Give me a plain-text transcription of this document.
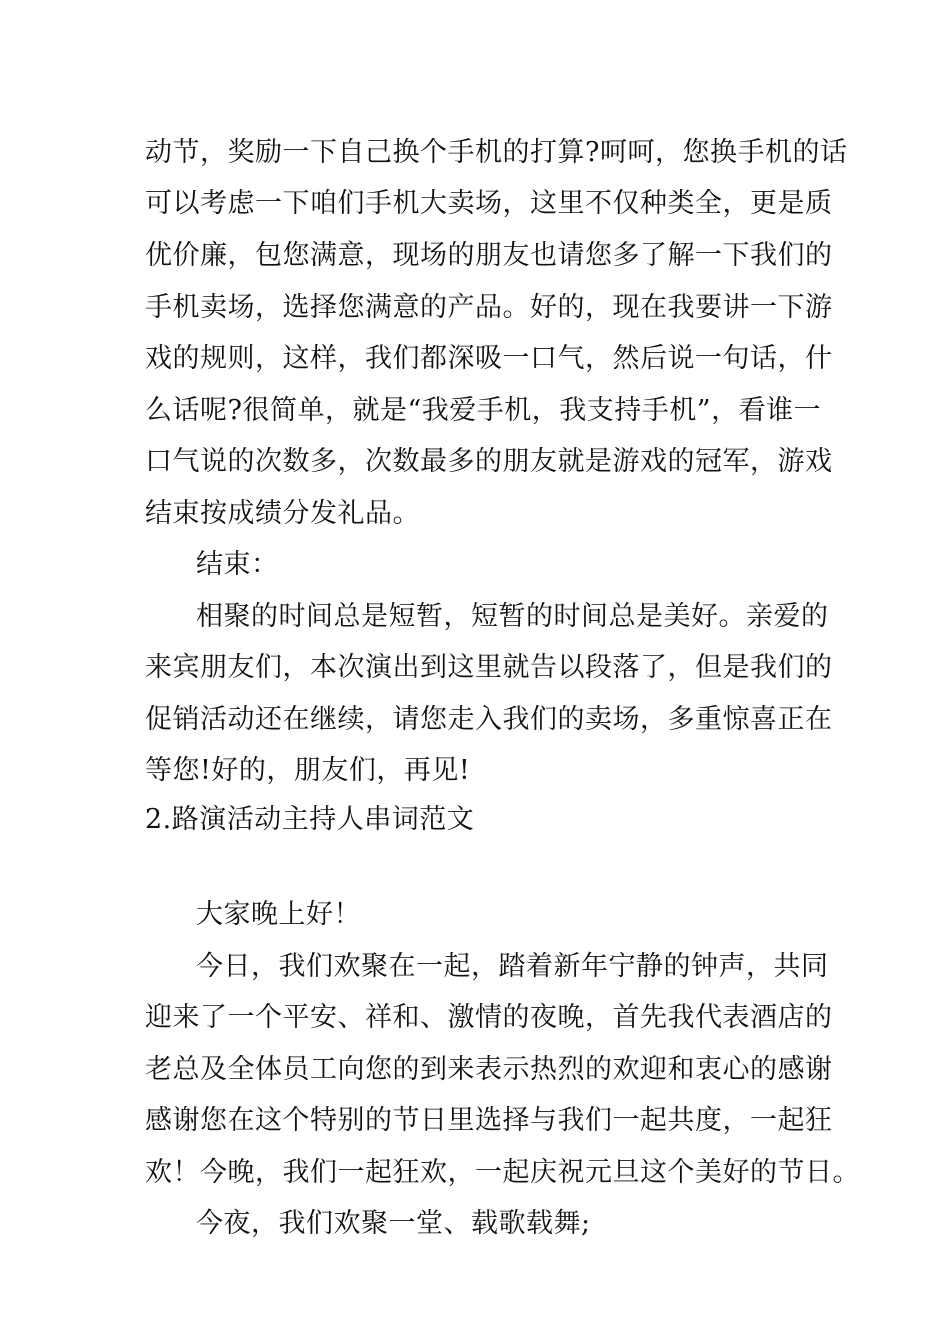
动节，奖励一下自己换个手机的打算?呵呵，您换手机的话
可以考虑一下咱们手机大卖场，这里不仅种类全，更是质
优价廉，包您满意，现场的朋友也请您多了解一下我们的
手机卖场，选择您满意的产品。好的，现在我要讲一下游
戏的规则，这样，我们都深吸一口气，然后说一句话，什
么话呢?很简单，就是“我爱手机，我支持手机”，看谁一
口气说的次数多，次数最多的朋友就是游戏的冠军，游戏
结束按成绩分发礼品。
结束：
相聚的时间总是短暂，短暂的时间总是美好。亲爱的
来宾朋友们，本次演出到这里就告以段落了，但是我们的
促销活动还在继续，请您走入我们的卖场，多重惊喜正在
等您!好的，朋友们，再见!
2.路演活动主持人串词范文
大家晚上好！
今日，我们欢聚在一起，踏着新年宁静的钟声，共同
迎来了一个平安、祥和、激情的夜晚，首先我代表酒店的
老总及全体员工向您的到来表示热烈的欢迎和衷心的感谢
感谢您在这个特别的节日里选择与我们一起共度，一起狂
欢！今晚，我们一起狂欢，一起庆祝元旦这个美好的节日。
今夜，我们欢聚一堂、载歌载舞;
